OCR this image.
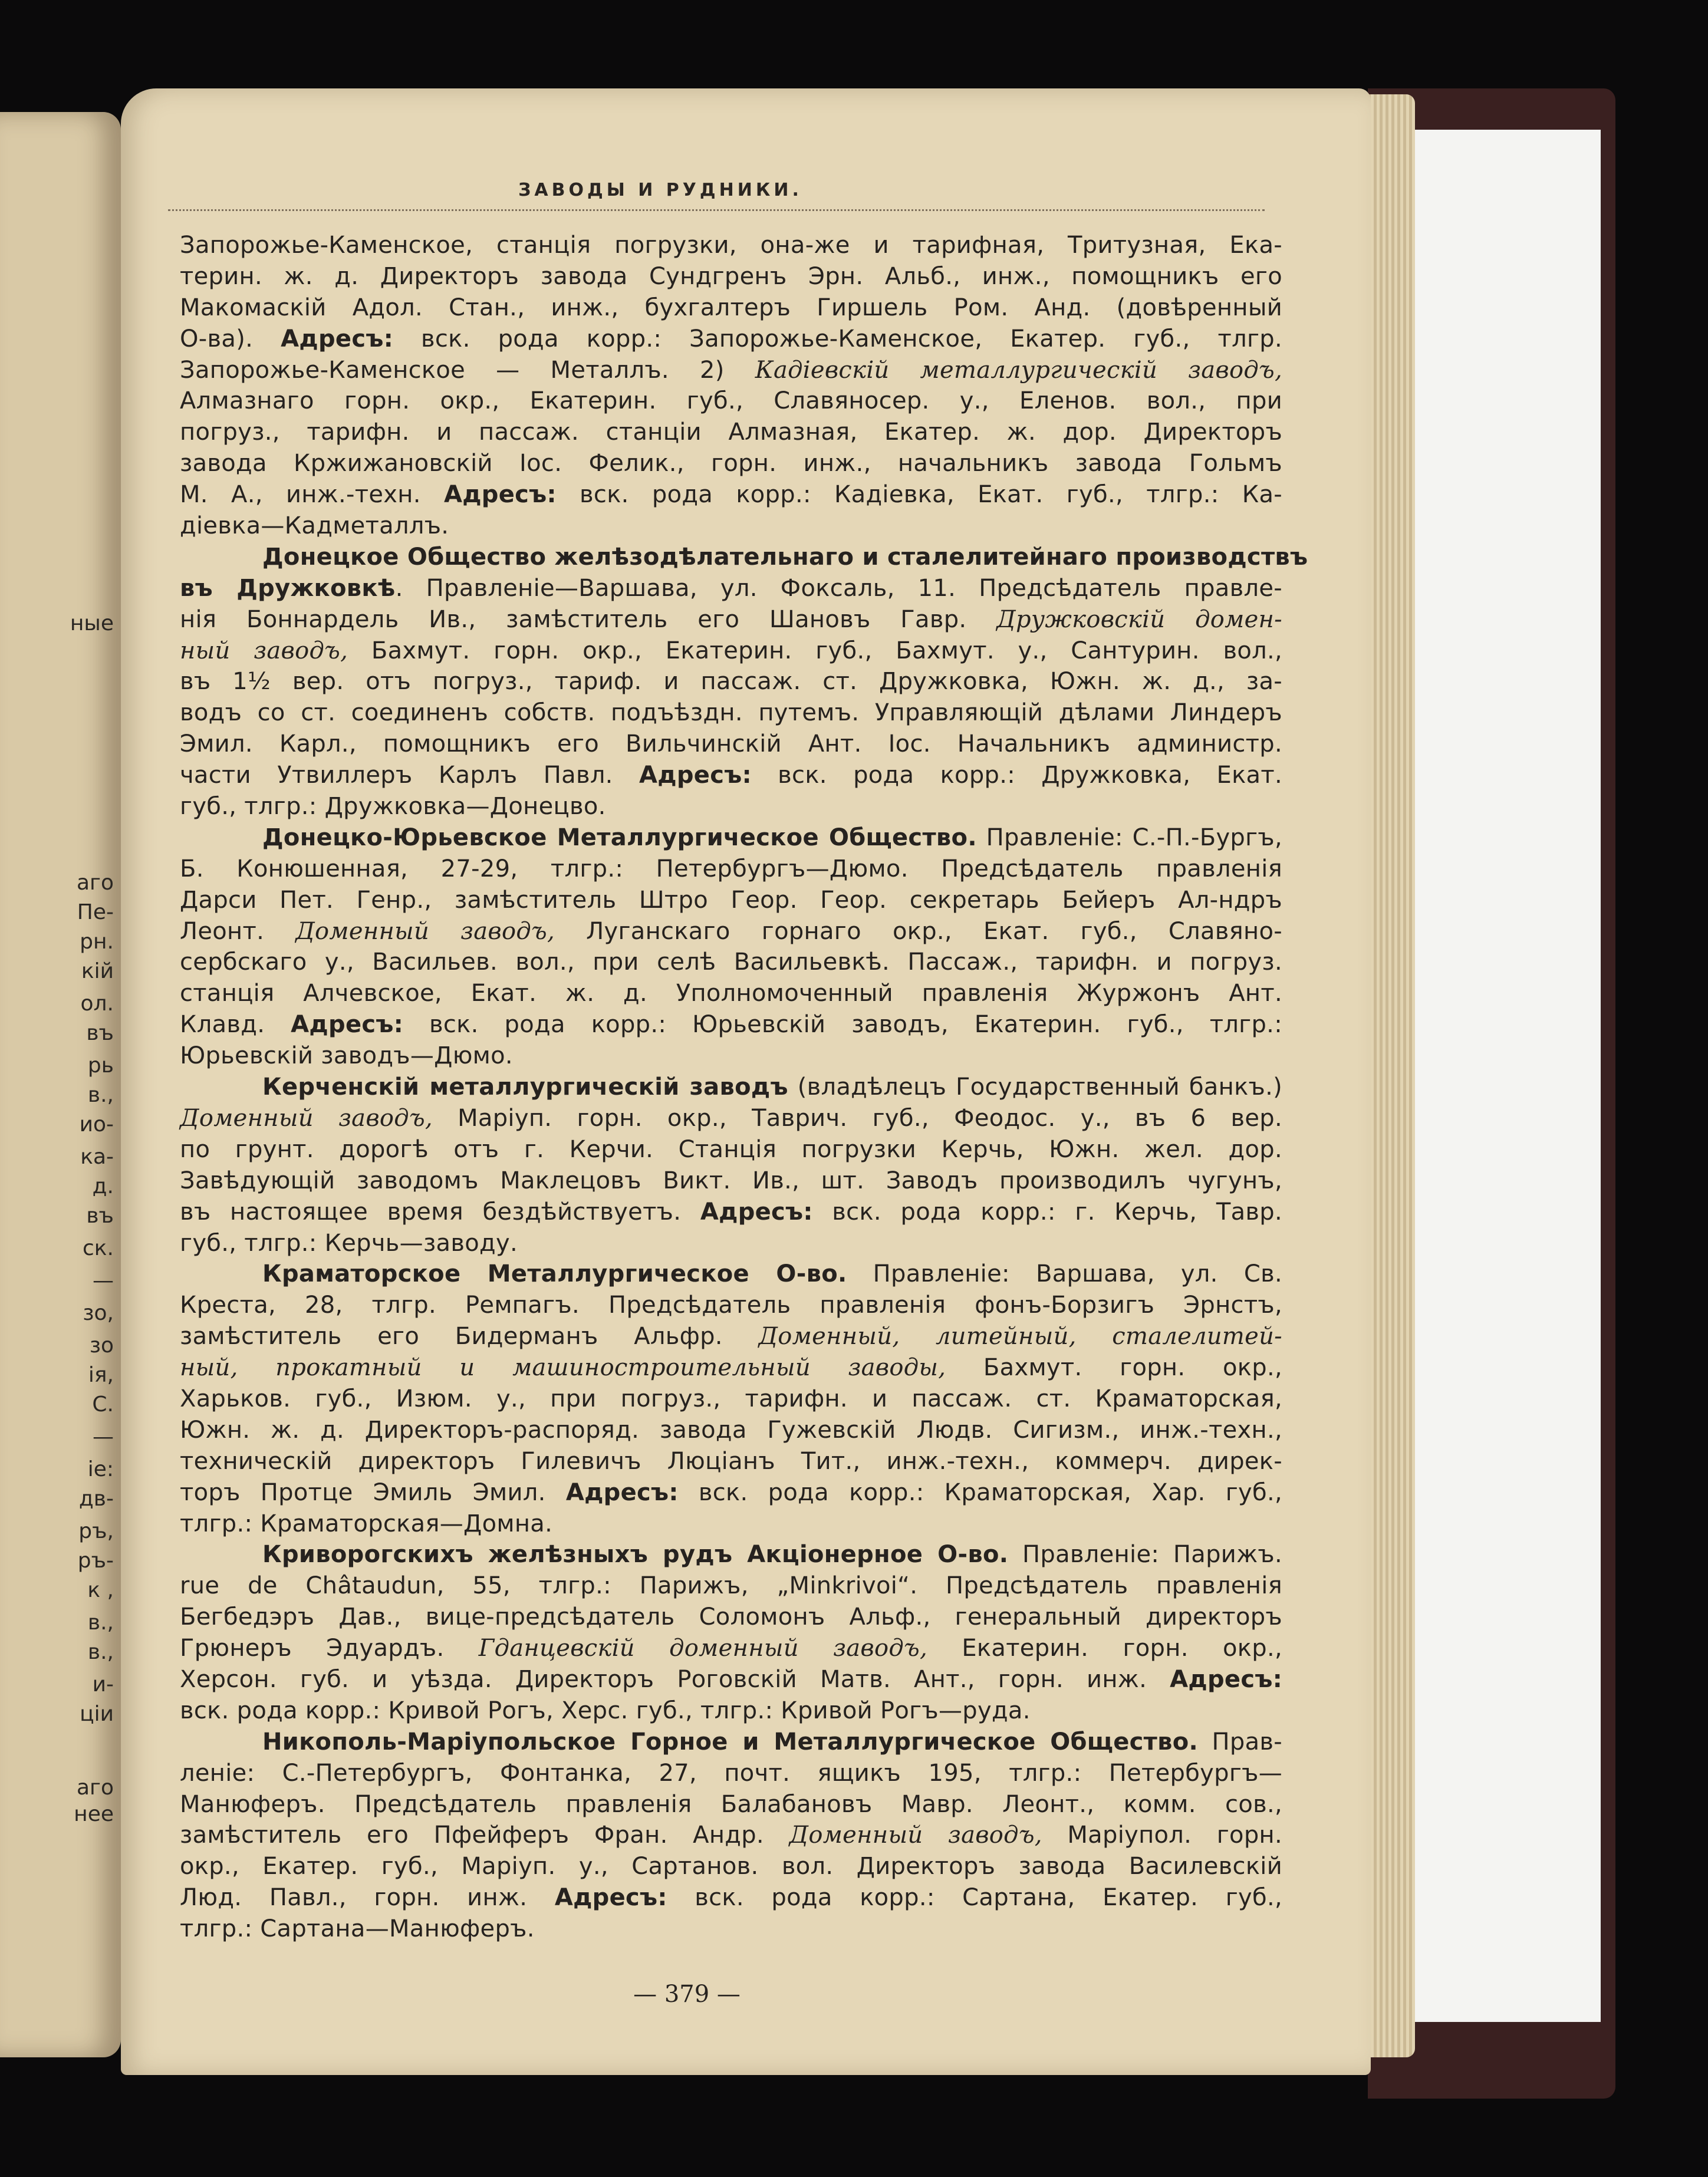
ные
аго
Пе-
рн.
кій
ол.
въ
рь
в.,
ио-
ка-
д.
въ
ск.
—
зо,
зо
ія,
С.
—
іе:
дв-
ръ,
ръ-
к ,
в.,
в.,
и-
ціи
аго
нее
ЗАВОДЫ И РУДНИКИ.
Запорожье-Каменское, станція погрузки, она-же и тарифная, Тритузная, Ека-
терин. ж. д. Директоръ завода Сундгренъ Эрн. Альб., инж., помощникъ его
Макомаскій Адол. Стан., инж., бухгалтеръ Гиршель Ром. Анд. (довѣренный
О-ва). Адресъ: вск. рода корр.: Запорожье-Каменское, Екатер. губ., тлгр.
Запорожье-Каменское — Металлъ. 2) Кадіевскій металлургическій заводъ,
Алмазнаго горн. окр., Екатерин. губ., Славяносер. у., Еленов. вол., при
погруз., тарифн. и пассаж. станціи Алмазная, Екатер. ж. дор. Директоръ
завода Кржижановскій Іос. Фелик., горн. инж., начальникъ завода Гольмъ
М. А., инж.-техн. Адресъ: вск. рода корр.: Кадіевка, Екат. губ., тлгр.: Ка-
діевка—Кадметаллъ.
Донецкое Общество желѣзодѣлательнаго и сталелитейнаго производствъ
въ Дружковкѣ. Правленіе—Варшава, ул. Фоксаль, 11. Предсѣдатель правле-
нія Боннардель Ив., замѣститель его Шановъ Гавр. Дружковскій домен-
ный заводъ, Бахмут. горн. окр., Екатерин. губ., Бахмут. у., Сантурин. вол.,
въ 1½ вер. отъ погруз., тариф. и пассаж. ст. Дружковка, Южн. ж. д., за-
водъ со ст. соединенъ собств. подъѣздн. путемъ. Управляющій дѣлами Линдеръ
Эмил. Карл., помощникъ его Вильчинскій Ант. Іос. Начальникъ администр.
части Утвиллеръ Карлъ Павл. Адресъ: вск. рода корр.: Дружковка, Екат.
губ., тлгр.: Дружковка—Донецво.
Донецко-Юрьевское Металлургическое Общество. Правленіе: С.-П.-Бургъ,
Б. Конюшенная, 27-29, тлгр.: Петербургъ—Дюмо. Предсѣдатель правленія
Дарси Пет. Генр., замѣститель Штро Геор. Геор. секретарь Бейеръ Ал-ндръ
Леонт. Доменный заводъ, Луганскаго горнаго окр., Екат. губ., Славяно-
сербскаго у., Васильев. вол., при селѣ Васильевкѣ. Пассаж., тарифн. и погруз.
станція Алчевское, Екат. ж. д. Уполномоченный правленія Журжонъ Ант.
Клавд. Адресъ: вск. рода корр.: Юрьевскій заводъ, Екатерин. губ., тлгр.:
Юрьевскій заводъ—Дюмо.
Керченскій металлургическій заводъ (владѣлецъ Государственный банкъ.)
Доменный заводъ, Маріуп. горн. окр., Таврич. губ., Феодос. у., въ 6 вер.
по грунт. дорогѣ отъ г. Керчи. Станція погрузки Керчь, Южн. жел. дор.
Завѣдующій заводомъ Маклецовъ Викт. Ив., шт. Заводъ производилъ чугунъ,
въ настоящее время бездѣйствуетъ. Адресъ: вск. рода корр.: г. Керчь, Тавр.
губ., тлгр.: Керчь—заводу.
Краматорское Металлургическое О-во. Правленіе: Варшава, ул. Св.
Креста, 28, тлгр. Ремпагъ. Предсѣдатель правленія фонъ-Борзигъ Эрнстъ,
замѣститель его Бидерманъ Альфр. Доменный, литейный, сталелитей-
ный, прокатный и машиностроительный заводы, Бахмут. горн. окр.,
Харьков. губ., Изюм. у., при погруз., тарифн. и пассаж. ст. Краматорская,
Южн. ж. д. Директоръ-распоряд. завода Гужевскій Людв. Сигизм., инж.-техн.,
техническій директоръ Гилевичъ Люціанъ Тит., инж.-техн., коммерч. дирек-
торъ Протце Эмиль Эмил. Адресъ: вск. рода корр.: Краматорская, Хар. губ.,
тлгр.: Краматорская—Домна.
Криворогскихъ желѣзныхъ рудъ Акціонерное О-во. Правленіе: Парижъ.
rue de Châtaudun, 55, тлгр.: Парижъ, „Minkrivoi“. Предсѣдатель правленія
Бегбедэръ Дав., вице-предсѣдатель Соломонъ Альф., генеральный директоръ
Грюнеръ Эдуардъ. Гданцевскій доменный заводъ, Екатерин. горн. окр.,
Херсон. губ. и уѣзда. Директоръ Роговскій Матв. Ант., горн. инж. Адресъ:
вск. рода корр.: Кривой Рогъ, Херс. губ., тлгр.: Кривой Рогъ—руда.
Никополь-Маріупольское Горное и Металлургическое Общество. Прав-
леніе: С.-Петербургъ, Фонтанка, 27, почт. ящикъ 195, тлгр.: Петербургъ—
Манюферъ. Предсѣдатель правленія Балабановъ Мавр. Леонт., комм. сов.,
замѣститель его Пфейферъ Фран. Андр. Доменный заводъ, Маріупол. горн.
окр., Екатер. губ., Маріуп. у., Сартанов. вол. Директоръ завода Василевскій
Люд. Павл., горн. инж. Адресъ: вск. рода корр.: Сартана, Екатер. губ.,
тлгр.: Сартана—Манюферъ.
— 379 —
